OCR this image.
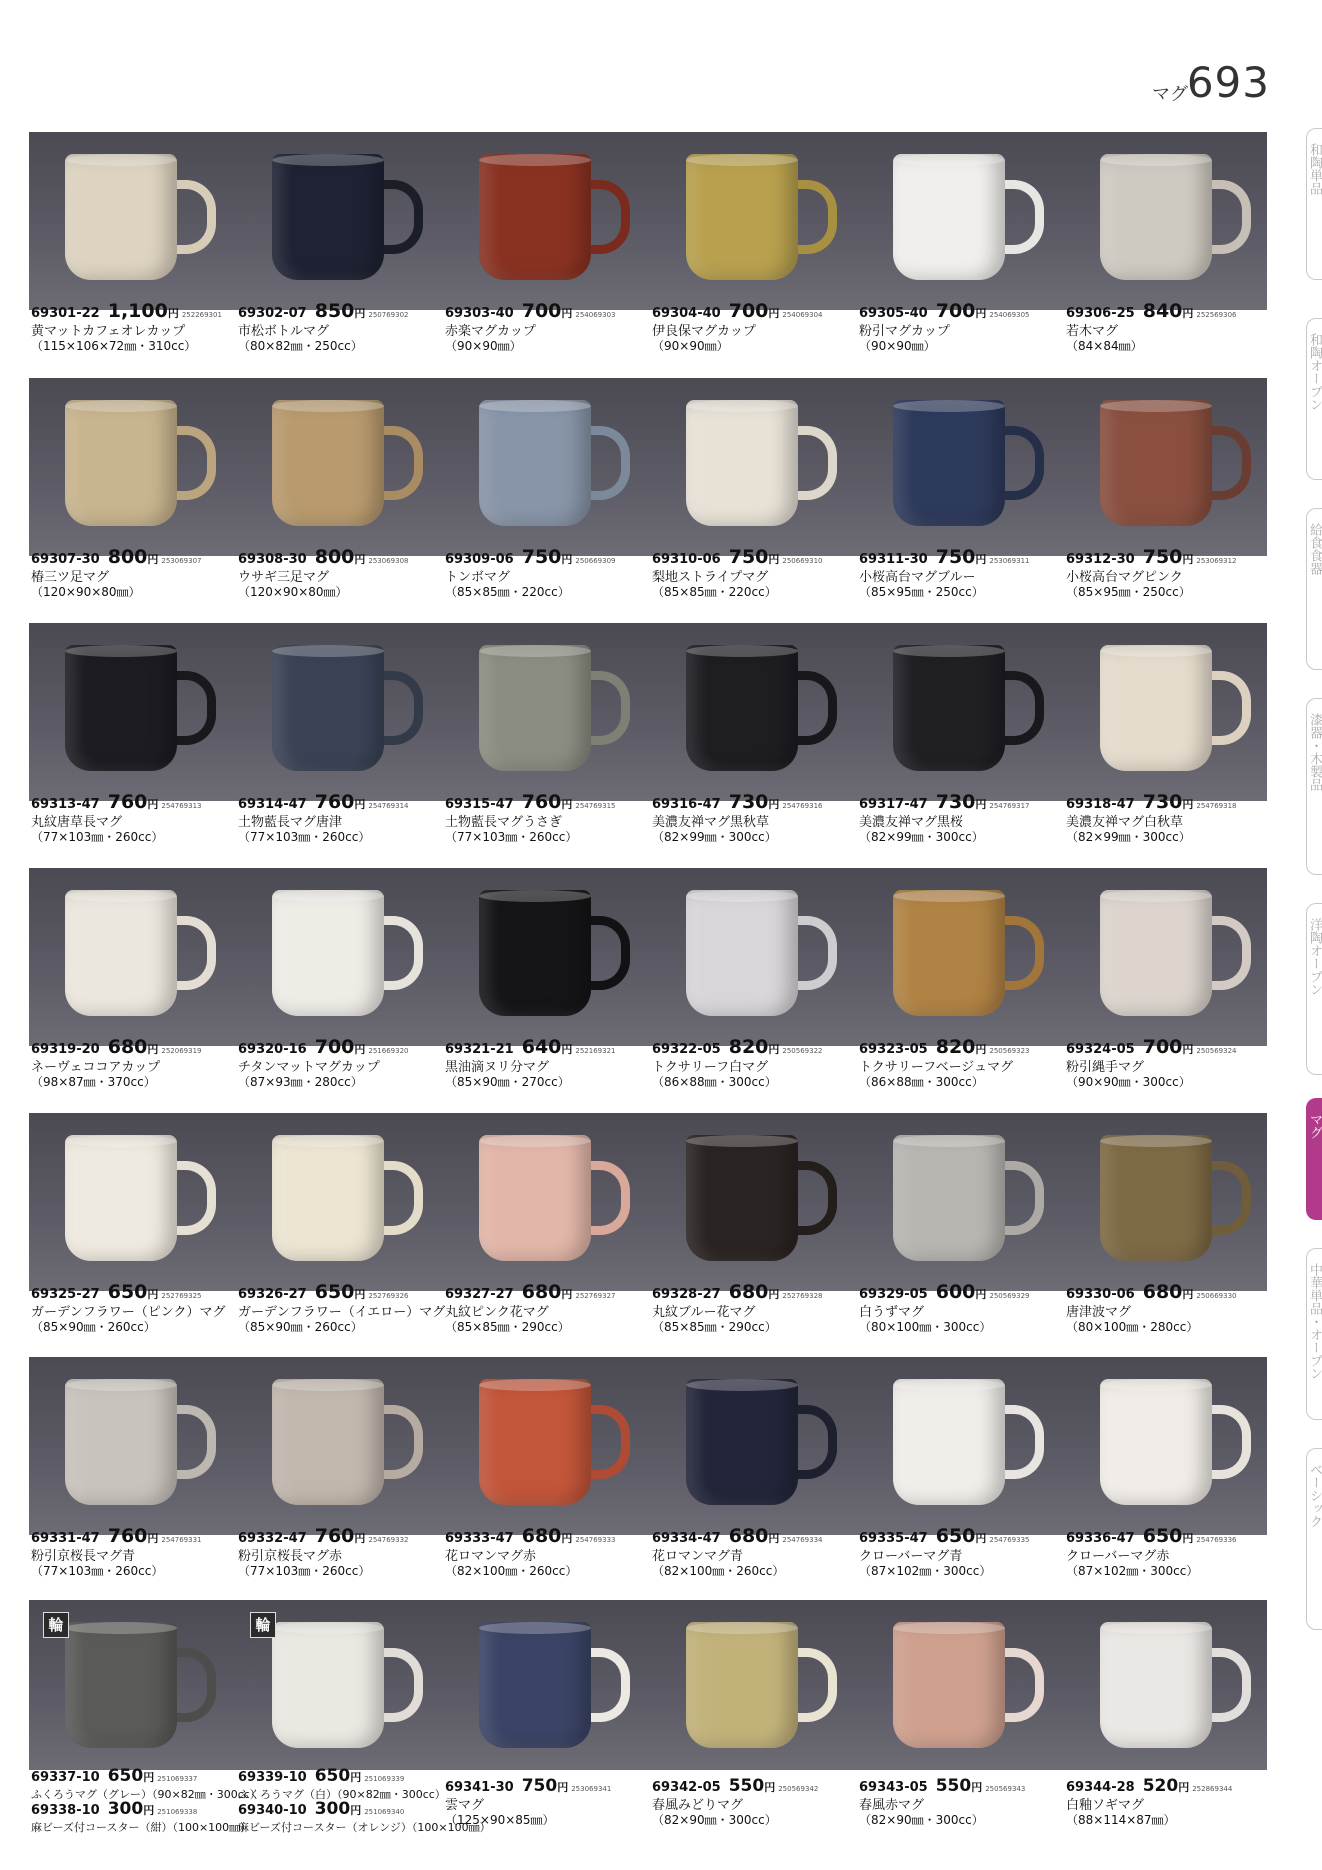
マグ
693
和陶単品
和陶オーブン
給食食器
漆器・木製品
洋陶オーブン
マグ
中華単品・オーブン
ベーシック
69301-22 1,100円 252269301
黄マットカフェオレカップ
（115×106×72㎜・310cc）
69302-07 850円 250769302
市松ボトルマグ
（80×82㎜・250cc）
69303-40 700円 254069303
赤楽マグカップ
（90×90㎜）
69304-40 700円 254069304
伊良保マグカップ
（90×90㎜）
69305-40 700円 254069305
粉引マグカップ
（90×90㎜）
69306-25 840円 252569306
若木マグ
（84×84㎜）
69307-30 800円 253069307
椿三ツ足マグ
（120×90×80㎜）
69308-30 800円 253069308
ウサギ三足マグ
（120×90×80㎜）
69309-06 750円 250669309
トンボマグ
（85×85㎜・220cc）
69310-06 750円 250669310
梨地ストライプマグ
（85×85㎜・220cc）
69311-30 750円 253069311
小桜高台マグブルー
（85×95㎜・250cc）
69312-30 750円 253069312
小桜高台マグピンク
（85×95㎜・250cc）
69313-47 760円 254769313
丸紋唐草長マグ
（77×103㎜・260cc）
69314-47 760円 254769314
土物藍長マグ唐津
（77×103㎜・260cc）
69315-47 760円 254769315
土物藍長マグうさぎ
（77×103㎜・260cc）
69316-47 730円 254769316
美濃友禅マグ黒秋草
（82×99㎜・300cc）
69317-47 730円 254769317
美濃友禅マグ黒桜
（82×99㎜・300cc）
69318-47 730円 254769318
美濃友禅マグ白秋草
（82×99㎜・300cc）
69319-20 680円 252069319
ネーヴェココアカップ
（98×87㎜・370cc）
69320-16 700円 251669320
チタンマットマグカップ
（87×93㎜・280cc）
69321-21 640円 252169321
黒油滴ヌリ分マグ
（85×90㎜・270cc）
69322-05 820円 250569322
トクサリーフ白マグ
（86×88㎜・300cc）
69323-05 820円 250569323
トクサリーフベージュマグ
（86×88㎜・300cc）
69324-05 700円 250569324
粉引縄手マグ
（90×90㎜・300cc）
69325-27 650円 252769325
ガーデンフラワー（ピンク）マグ
（85×90㎜・260cc）
69326-27 650円 252769326
ガーデンフラワー（イエロー）マグ
（85×90㎜・260cc）
69327-27 680円 252769327
丸紋ピンク花マグ
（85×85㎜・290cc）
69328-27 680円 252769328
丸紋ブルー花マグ
（85×85㎜・290cc）
69329-05 600円 250569329
白うずマグ
（80×100㎜・300cc）
69330-06 680円 250669330
唐津波マグ
（80×100㎜・280cc）
69331-47 760円 254769331
粉引京桜長マグ青
（77×103㎜・260cc）
69332-47 760円 254769332
粉引京桜長マグ赤
（77×103㎜・260cc）
69333-47 680円 254769333
花ロマンマグ赤
（82×100㎜・260cc）
69334-47 680円 254769334
花ロマンマグ青
（82×100㎜・260cc）
69335-47 650円 254769335
クローバーマグ青
（87×102㎜・300cc）
69336-47 650円 254769336
クローバーマグ赤
（87×102㎜・300cc）
輪
69337-10 650円 251069337
ふくろうマグ（グレー）（90×82㎜・300cc）
69338-10 300円 251069338
麻ビーズ付コースター（紺）（100×100㎜）
輪
69339-10 650円 251069339
ふくろうマグ（白）（90×82㎜・300cc）
69340-10 300円 251069340
麻ビーズ付コースター（オレンジ）（100×100㎜）
69341-30 750円 253069341
雲マグ
（125×90×85㎜）
69342-05 550円 250569342
春風みどりマグ
（82×90㎜・300cc）
69343-05 550円 250569343
春風赤マグ
（82×90㎜・300cc）
69344-28 520円 252869344
白釉ソギマグ
（88×114×87㎜）
